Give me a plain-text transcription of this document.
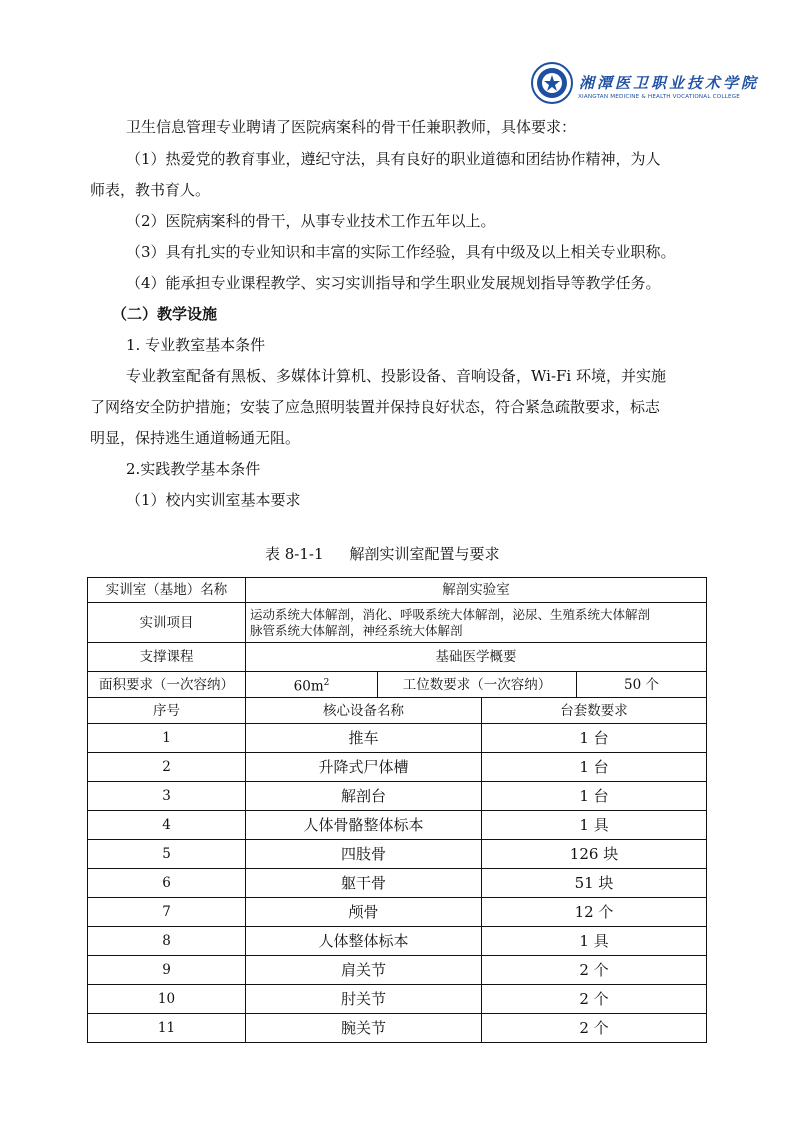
湘潭医卫职业技术学院
XIANGTAN MEDICINE & HEALTH VOCATIONAL COLLEGE
卫生信息管理专业聘请了医院病案科的骨干任兼职教师，具体要求：
（1）热爱党的教育事业，遵纪守法，具有良好的职业道德和团结协作精神，为人
师表，教书育人。
（2）医院病案科的骨干，从事专业技术工作五年以上。
（3）具有扎实的专业知识和丰富的实际工作经验，具有中级及以上相关专业职称。
（4）能承担专业课程教学、实习实训指导和学生职业发展规划指导等教学任务。
（二）教学设施
1. 专业教室基本条件
专业教室配备有黑板、多媒体计算机、投影设备、音响设备，Wi-Fi 环境，并实施
了网络安全防护措施；安装了应急照明装置并保持良好状态，符合紧急疏散要求，标志
明显，保持逃生通道畅通无阻。
2.实践教学基本条件
（1）校内实训室基本要求
表 8-1-1 解剖实训室配置与要求
实训室（基地）名称	解剖实验室			
实训项目	运动系统大体解剖，消化、呼吸系统大体解剖，泌尿、生殖系统大体解剖
脉管系统大体解剖，神经系统大体解剖			

支撑课程	基础医学概要			
面积要求（一次容纳）	$60m^2$	工位数要求（一次容纳）		50 个
序号	核心设备名称		台套数要求	
1	推车		1 台	
2	升降式尸体槽		1 台	
3	解剖台		1 台	
4	人体骨骼整体标本		1 具	
5	四肢骨		126 块	
6	躯干骨		51 块	
7	颅骨		12 个	
8	人体整体标本		1 具	
9	肩关节		2 个	
10	肘关节		2 个	
11	腕关节		2 个	
